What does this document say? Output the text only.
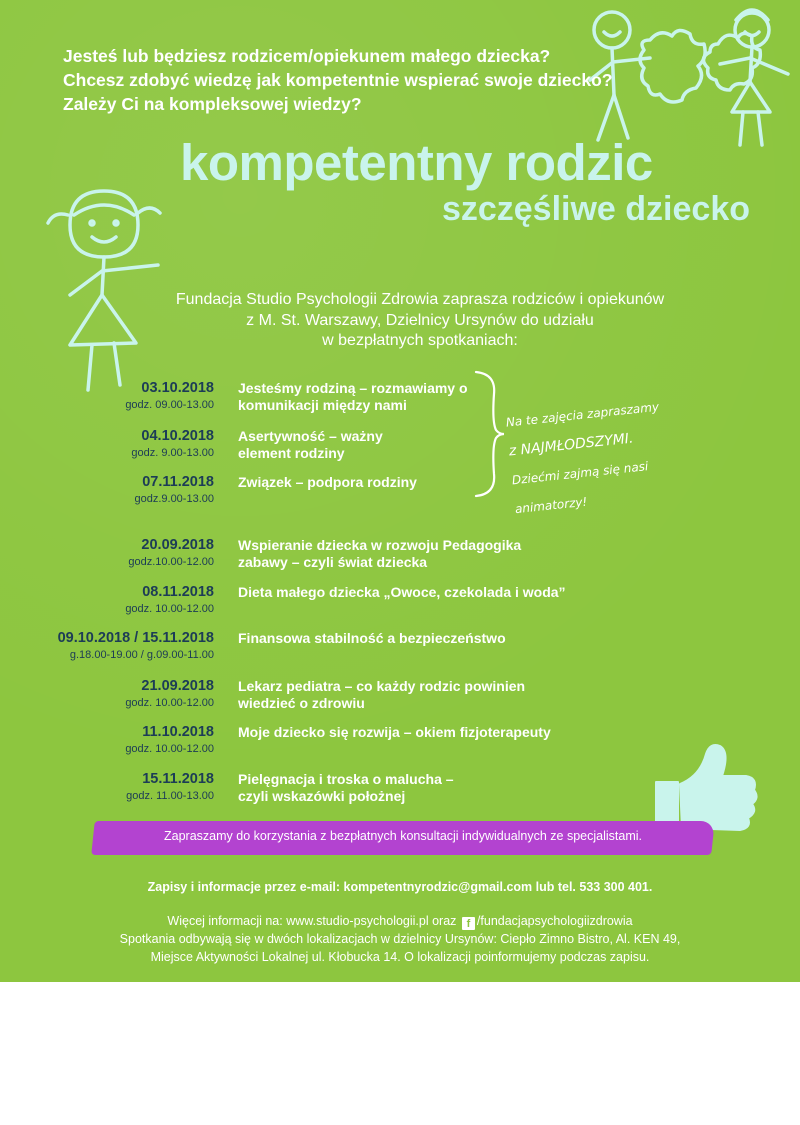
Jesteś lub będziesz rodzicem/opiekunem małego dziecka?
Chcesz zdobyć wiedzę jak kompetentnie wspierać swoje dziecko?
Zależy Ci na kompleksowej wiedzy?
kompetentny rodzic
szczęśliwe dziecko
Fundacja Studio Psychologii Zdrowia zaprasza rodziców i opiekunów
z M. St. Warszawy, Dzielnicy Ursynów do udziału
w bezpłatnych spotkaniach:
03.10.2018
godz. 09.00-13.00
Jesteśmy rodziną – rozmawiamy o komunikacji między nami
04.10.2018
godz. 9.00-13.00
Asertywność – ważny element rodziny
07.11.2018
godz.9.00-13.00
Związek – podpora rodziny
20.09.2018
godz.10.00-12.00
Wspieranie dziecka w rozwoju Pedagogika zabawy – czyli świat dziecka
08.11.2018
godz. 10.00-12.00
Dieta małego dziecka „Owoce, czekolada i woda”
09.10.2018 / 15.11.2018
g.18.00-19.00 / g.09.00-11.00
Finansowa stabilność a bezpieczeństwo
21.09.2018
godz. 10.00-12.00
Lekarz pediatra – co każdy rodzic powinien wiedzieć o zdrowiu
11.10.2018
godz. 10.00-12.00
Moje dziecko się rozwija – okiem fizjoterapeuty
15.11.2018
godz. 11.00-13.00
Pielęgnacja i troska o malucha – czyli wskazówki położnej
Na te zajęcia zapraszamy
z NAJMŁODSZYMI.
Dziećmi zajmą się nasi
animatorzy!
Zapraszamy do korzystania z bezpłatnych konsultacji indywidualnych ze specjalistami.
Zapisy i informacje przez e-mail: kompetentnyrodzic@gmail.com lub tel. 533 300 401.
Więcej informacji na: www.studio-psychologii.pl oraz f /fundacjapsychologiizdrowia
Spotkania odbywają się w dwóch lokalizacjach w dzielnicy Ursynów: Ciepło Zimno Bistro, Al. KEN 49,
Miejsce Aktywności Lokalnej ul. Kłobucka 14. O lokalizacji poinformujemy podczas zapisu.
